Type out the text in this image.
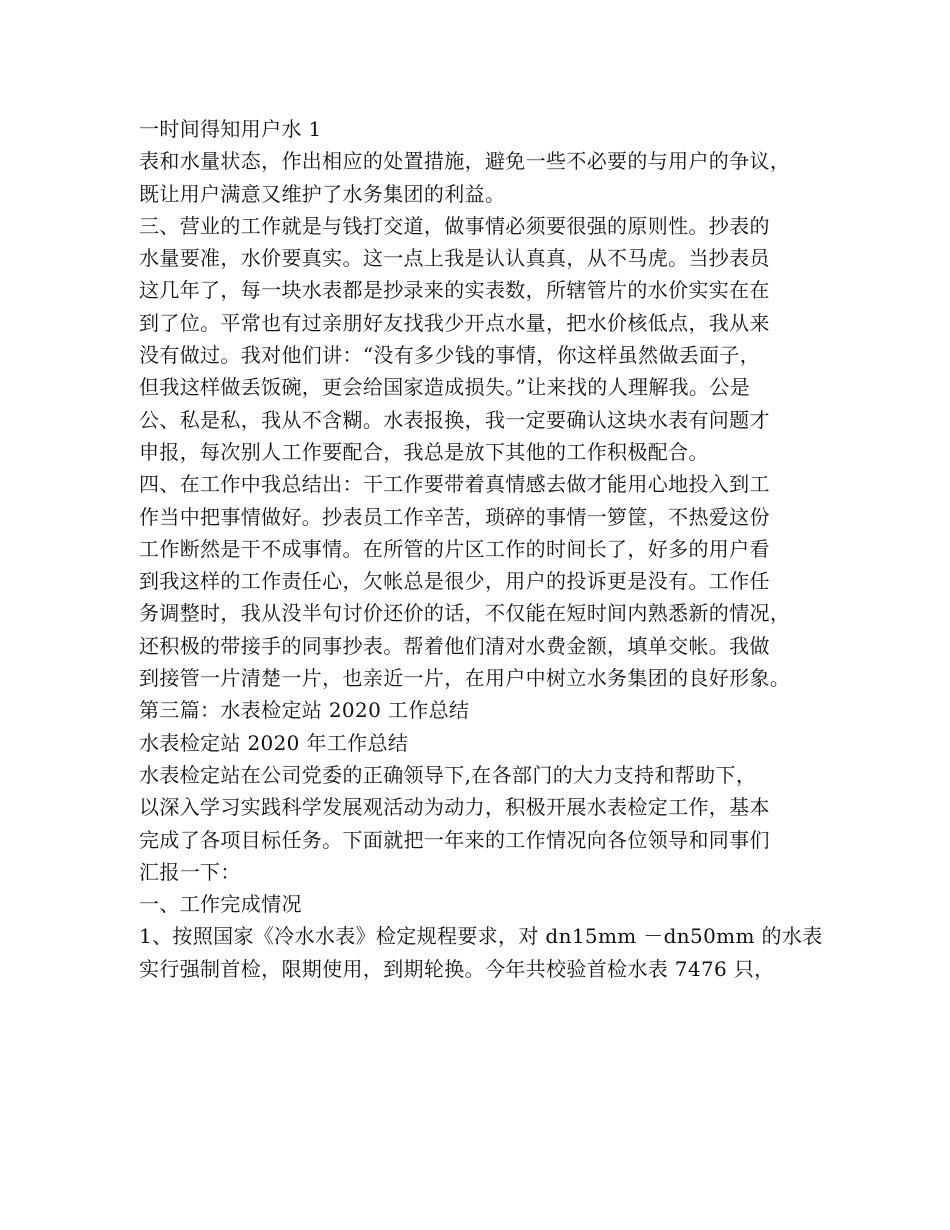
一时间得知用户水 1
表和水量状态，作出相应的处置措施，避免一些不必要的与用户的争议，
既让用户满意又维护了水务集团的利益。
三、营业的工作就是与钱打交道，做事情必须要很强的原则性。抄表的
水量要准，水价要真实。这一点上我是认认真真，从不马虎。当抄表员
这几年了，每一块水表都是抄录来的实表数，所辖管片的水价实实在在
到了位。平常也有过亲朋好友找我少开点水量，把水价核低点，我从来
没有做过。我对他们讲：“没有多少钱的事情，你这样虽然做丢面子，
但我这样做丢饭碗，更会给国家造成损失。”让来找的人理解我。公是
公、私是私，我从不含糊。水表报换，我一定要确认这块水表有问题才
申报，每次别人工作要配合，我总是放下其他的工作积极配合。
四、在工作中我总结出：干工作要带着真情感去做才能用心地投入到工
作当中把事情做好。抄表员工作辛苦，琐碎的事情一箩筐，不热爱这份
工作断然是干不成事情。在所管的片区工作的时间长了，好多的用户看
到我这样的工作责任心，欠帐总是很少，用户的投诉更是没有。工作任
务调整时，我从没半句讨价还价的话，不仅能在短时间内熟悉新的情况，
还积极的带接手的同事抄表。帮着他们清对水费金额，填单交帐。我做
到接管一片清楚一片，也亲近一片，在用户中树立水务集团的良好形象。
第三篇：水表检定站 2020 工作总结
水表检定站 2020 年工作总结
水表检定站在公司党委的正确领导下,在各部门的大力支持和帮助下，
以深入学习实践科学发展观活动为动力，积极开展水表检定工作，基本
完成了各项目标任务。下面就把一年来的工作情况向各位领导和同事们
汇报一下：
一、工作完成情况
1、按照国家《冷水水表》检定规程要求，对 dn15mm －dn50mm 的水表
实行强制首检，限期使用，到期轮换。今年共校验首检水表 7476 只，
